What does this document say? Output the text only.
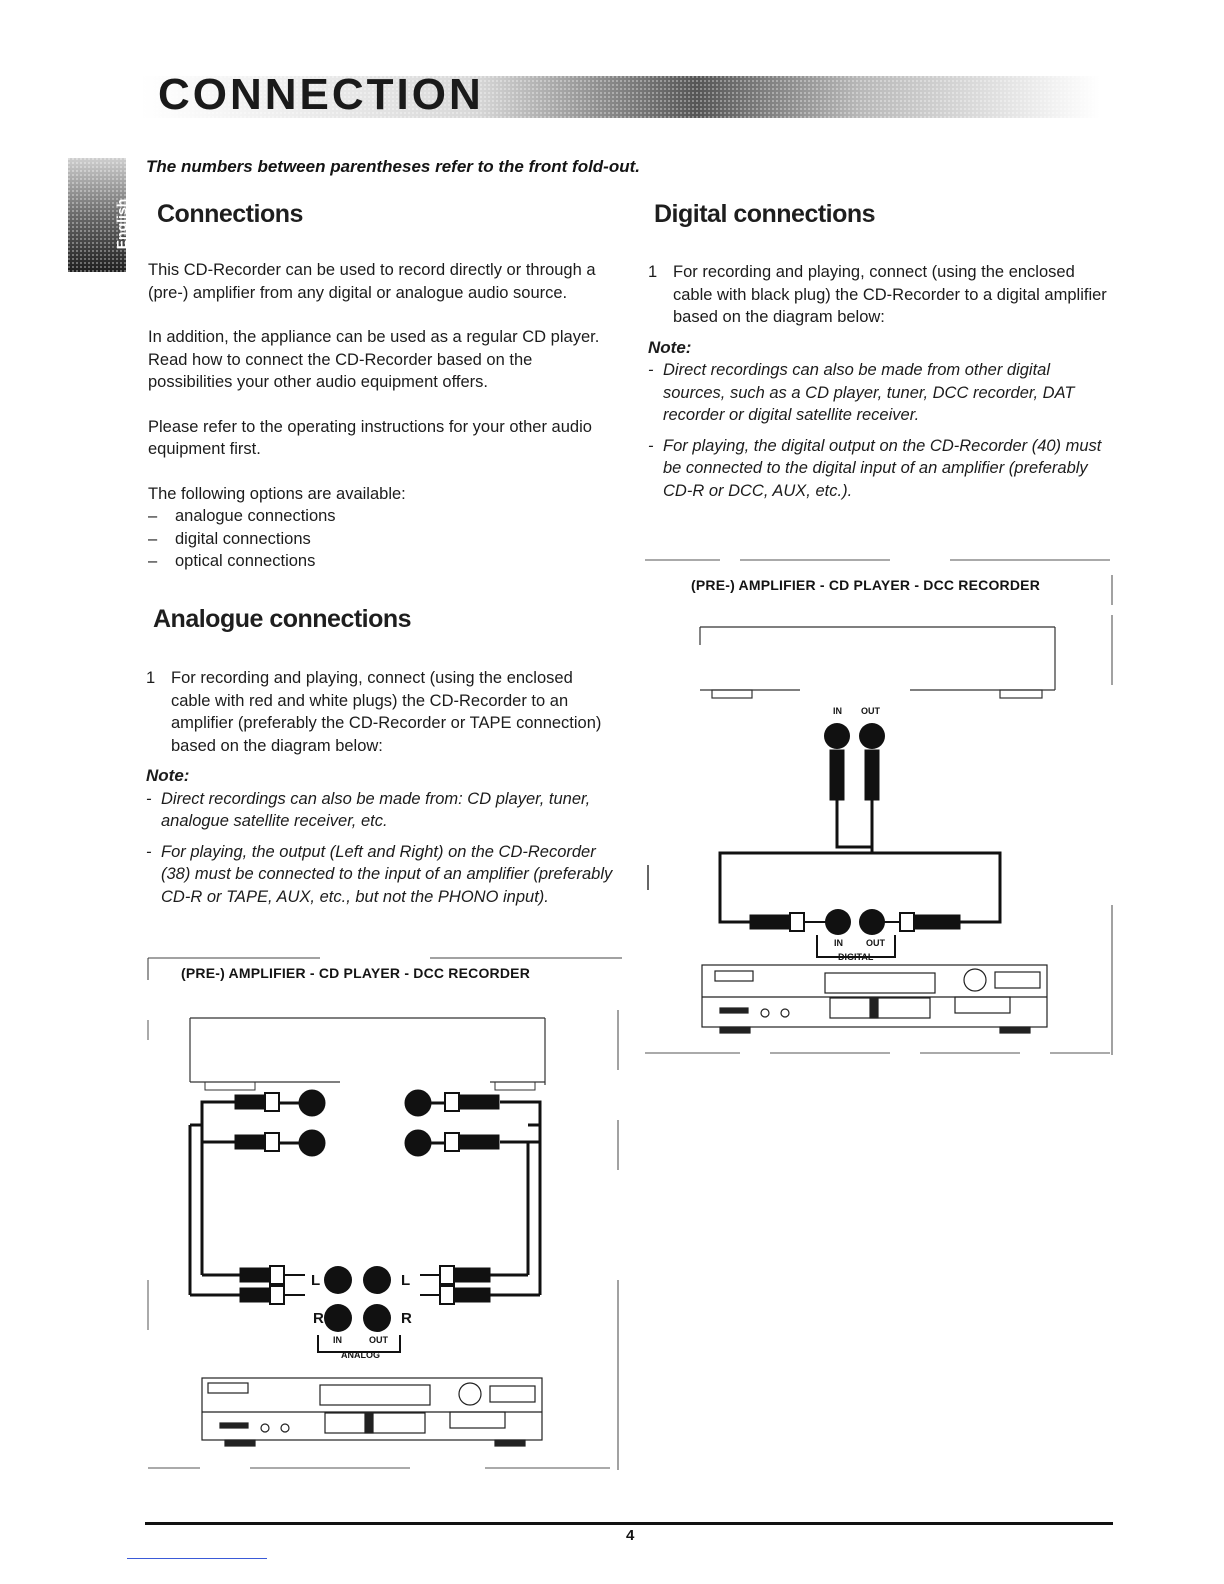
CONNECTION
English
The numbers between parentheses refer to the front fold-out.
Connections

This CD-Recorder can be used to record directly or through a (pre-) amplifier from any digital or analogue audio source.

In addition, the appliance can be used as a regular CD player. Read how to connect the CD-Recorder based on the possibilities your other audio equipment offers.

Please refer to the operating instructions for your other audio equipment first.

The following options are available:

– analogue connections
– digital connections
– optical connections
Analogue connections
1 For recording and playing, connect (using the enclosed cable with red and white plugs) the CD-Recorder to an amplifier (preferably the CD-Recorder or TAPE connection) based on the diagram below:
Note:
- Direct recordings can also be made from: CD player, tuner, analogue satellite receiver, etc.
- For playing, the output (Left and Right) on the CD-Recorder (38) must be connected to the input of an amplifier (preferably CD-R or TAPE, AUX, etc., but not the PHONO input).
(PRE-) AMPLIFIER - CD PLAYER - DCC RECORDER
L	L
R	R
IN	OUT
ANALOG
Digital connections
1 For recording and playing, connect (using the enclosed cable with black plug) the CD-Recorder to a digital amplifier based on the diagram below:
Note:
- Direct recordings can also be made from other digital sources, such as a CD player, tuner, DCC recorder, DAT recorder or digital satellite receiver.
- For playing, the digital output on the CD-Recorder (40) must be connected to the digital input of an amplifier (preferably CD-R or DCC, AUX, etc.).
(PRE-) AMPLIFIER - CD PLAYER - DCC RECORDER
IN OUT
IN	OUT
DIGITAL
4
